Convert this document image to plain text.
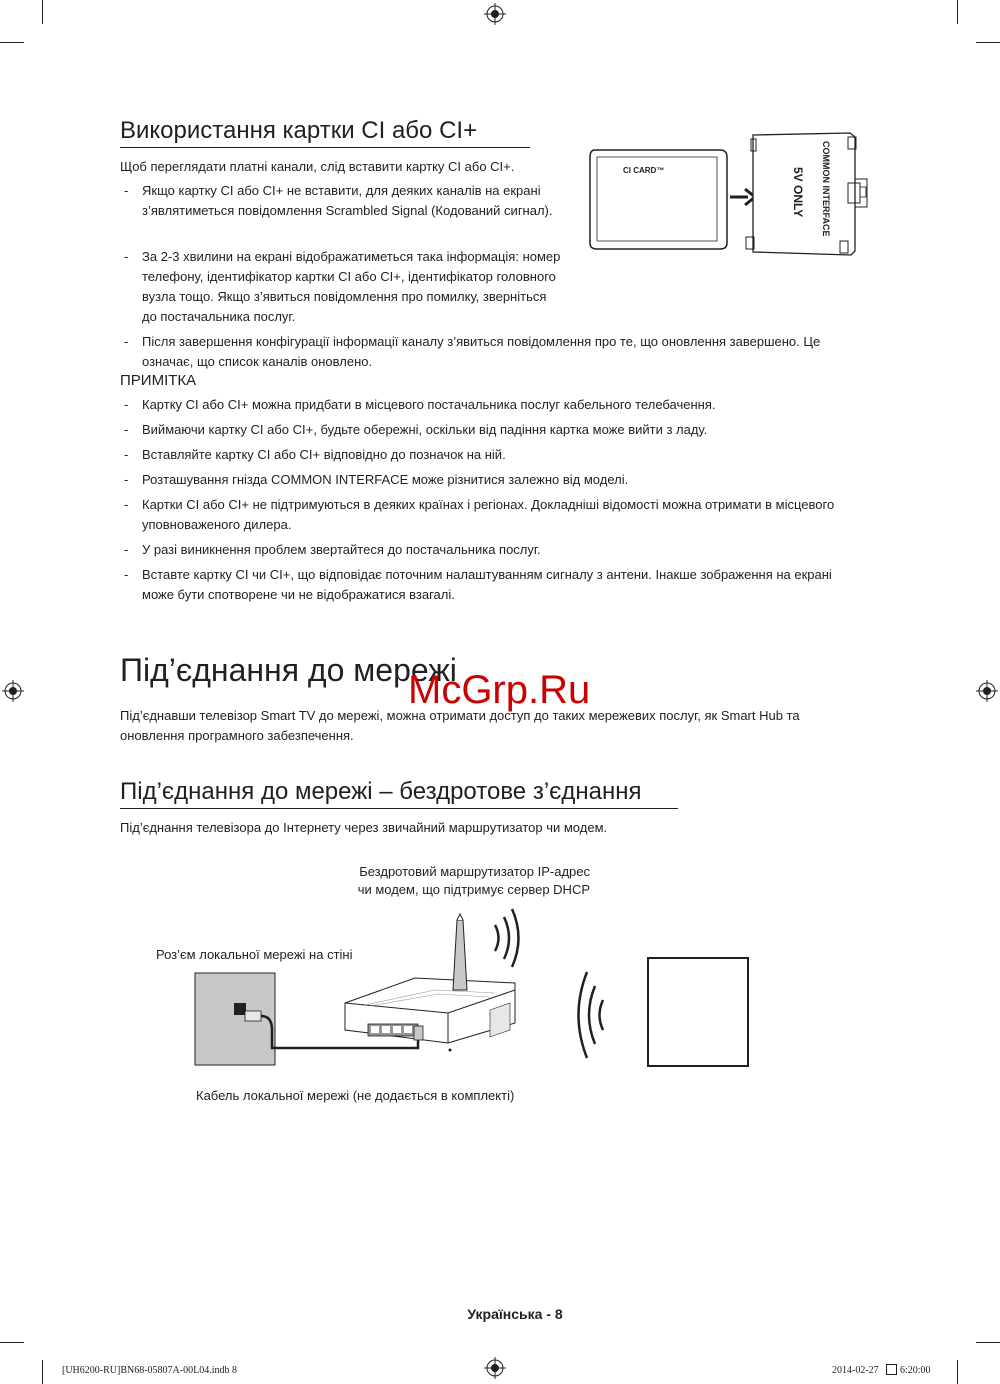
Використання картки CI або CI+
Щоб переглядати платні канали, слід вставити картку CI або CI+.
- Якщо картку CI або CI+ не вставити, для деяких каналів на екрані з’являтиметься повідомлення Scrambled Signal (Кодований сигнал).
- За 2-3 хвилини на екрані відображатиметься така інформація: номер телефону, ідентифікатор картки CI або CI+, ідентифікатор головного вузла тощо. Якщо з’явиться повідомлення про помилку, зверніться до постачальника послуг.
- Після завершення конфігурації інформації каналу з’явиться повідомлення про те, що оновлення завершено. Це означає, що список каналів оновлено.
CI CARD™	COMMON INTERFACE
5V ONLY
ПРИМІТКА
- Картку CI або CI+ можна придбати в місцевого постачальника послуг кабельного телебачення.
- Виймаючи картку CI або CI+, будьте обережні, оскільки від падіння картка може вийти з ладу.
- Вставляйте картку CI або CI+ відповідно до позначок на ній.
- Розташування гнізда COMMON INTERFACE може різнитися залежно від моделі.
- Картки CI або CI+ не підтримуються в деяких країнах і регіонах. Докладніші відомості можна отримати в місцевого уповноваженого дилера.
- У разі виникнення проблем звертайтеся до постачальника послуг.
- Вставте картку CI чи CI+, що відповідає поточним налаштуванням сигналу з антени. Інакше зображення на екрані може бути спотворене чи не відображатися взагалі.
Під’єднання до мережі
McGrp.Ru
Під’єднавши телевізор Smart TV до мережі, можна отримати доступ до таких мережевих послуг, як Smart Hub та оновлення програмного забезпечення.
Під’єднання до мережі – бездротове з’єднання
Під’єднання телевізора до Інтернету через звичайний маршрутизатор чи модем.
Бездротовий маршрутизатор IP-адрес
чи модем, що підтримує сервер DHCP
Роз’єм локальної мережі на стіні
Кабель локальної мережі (не додається в комплекті)
Українська - 8
[UH6200-RU]BN68-05807A-00L04.indb 8	2014-02-27 6:20:00
